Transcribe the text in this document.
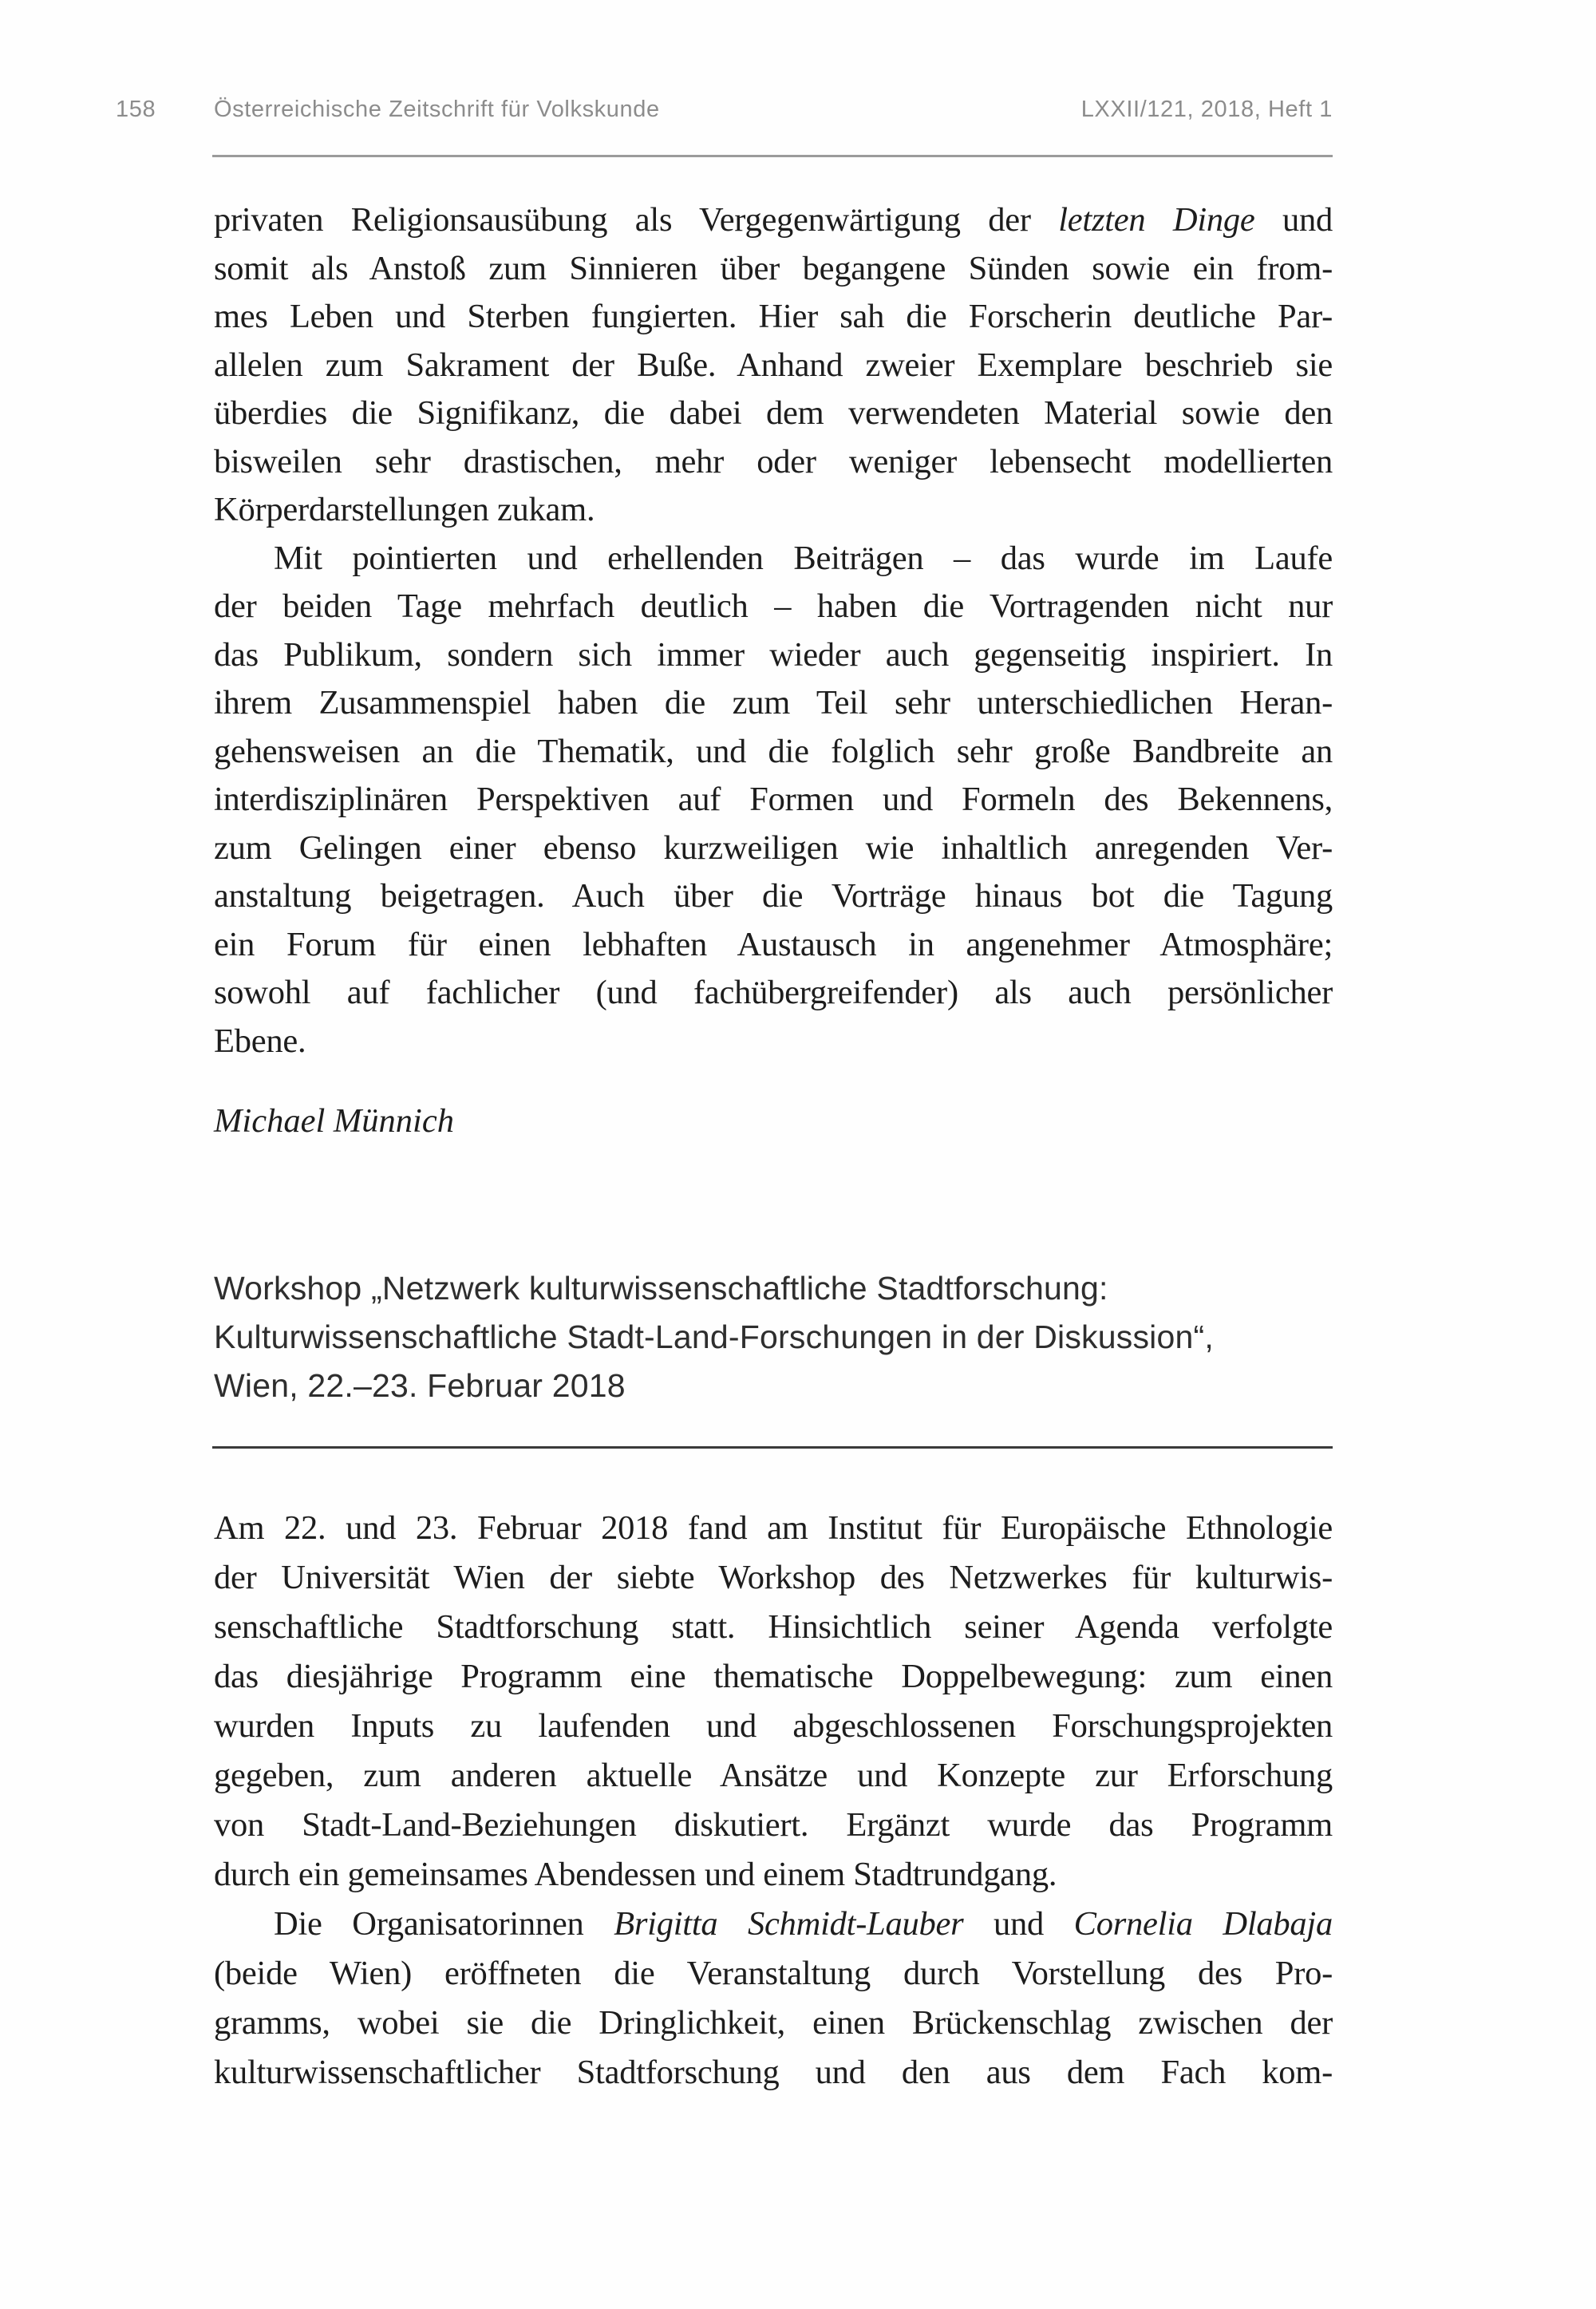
158	Österreichische Zeitschrift für Volkskunde	LXXII/121, 2018, Heft 1
privaten Religionsausübung als Vergegenwärtigung der letzten Dinge und
somit als Anstoß zum Sinnieren über begangene Sünden sowie ein from-
mes Leben und Sterben fungierten. Hier sah die Forscherin deutliche Par-
allelen zum Sakrament der Buße. Anhand zweier Exemplare beschrieb sie
überdies die Signifikanz, die dabei dem verwendeten Material sowie den
bisweilen sehr drastischen, mehr oder weniger lebensecht modellierten
Körperdarstellungen zukam.
Mit pointierten und erhellenden Beiträgen – das wurde im Laufe
der beiden Tage mehrfach deutlich – haben die Vortragenden nicht nur
das Publikum, sondern sich immer wieder auch gegenseitig inspiriert. In
ihrem Zusammenspiel haben die zum Teil sehr unterschiedlichen Heran-
gehensweisen an die Thematik, und die folglich sehr große Bandbreite an
interdisziplinären Perspektiven auf Formen und Formeln des Bekennens,
zum Gelingen einer ebenso kurzweiligen wie inhaltlich anregenden Ver-
anstaltung beigetragen. Auch über die Vorträge hinaus bot die Tagung
ein Forum für einen lebhaften Austausch in angenehmer Atmosphäre;
sowohl auf fachlicher (und fachübergreifender) als auch persönlicher
Ebene.
Michael Münnich
Workshop „Netzwerk kulturwissenschaftliche Stadtforschung:
Kulturwissenschaftliche Stadt-Land-Forschungen in der Diskussion“,
Wien, 22.–23. Februar 2018
Am 22. und 23. Februar 2018 fand am Institut für Europäische Ethnologie
der Universität Wien der siebte Workshop des Netzwerkes für kulturwis-
senschaftliche Stadtforschung statt. Hinsichtlich seiner Agenda verfolgte
das diesjährige Programm eine thematische Doppelbewegung: zum einen
wurden Inputs zu laufenden und abgeschlossenen Forschungsprojekten
gegeben, zum anderen aktuelle Ansätze und Konzepte zur Erforschung
von Stadt-Land-Beziehungen diskutiert. Ergänzt wurde das Programm
durch ein gemeinsames Abendessen und einem Stadtrundgang.
Die Organisatorinnen Brigitta Schmidt-Lauber und Cornelia Dlabaja
(beide Wien) eröffneten die Veranstaltung durch Vorstellung des Pro-
gramms, wobei sie die Dringlichkeit, einen Brückenschlag zwischen der
kulturwissenschaftlicher Stadtforschung und den aus dem Fach kom-
